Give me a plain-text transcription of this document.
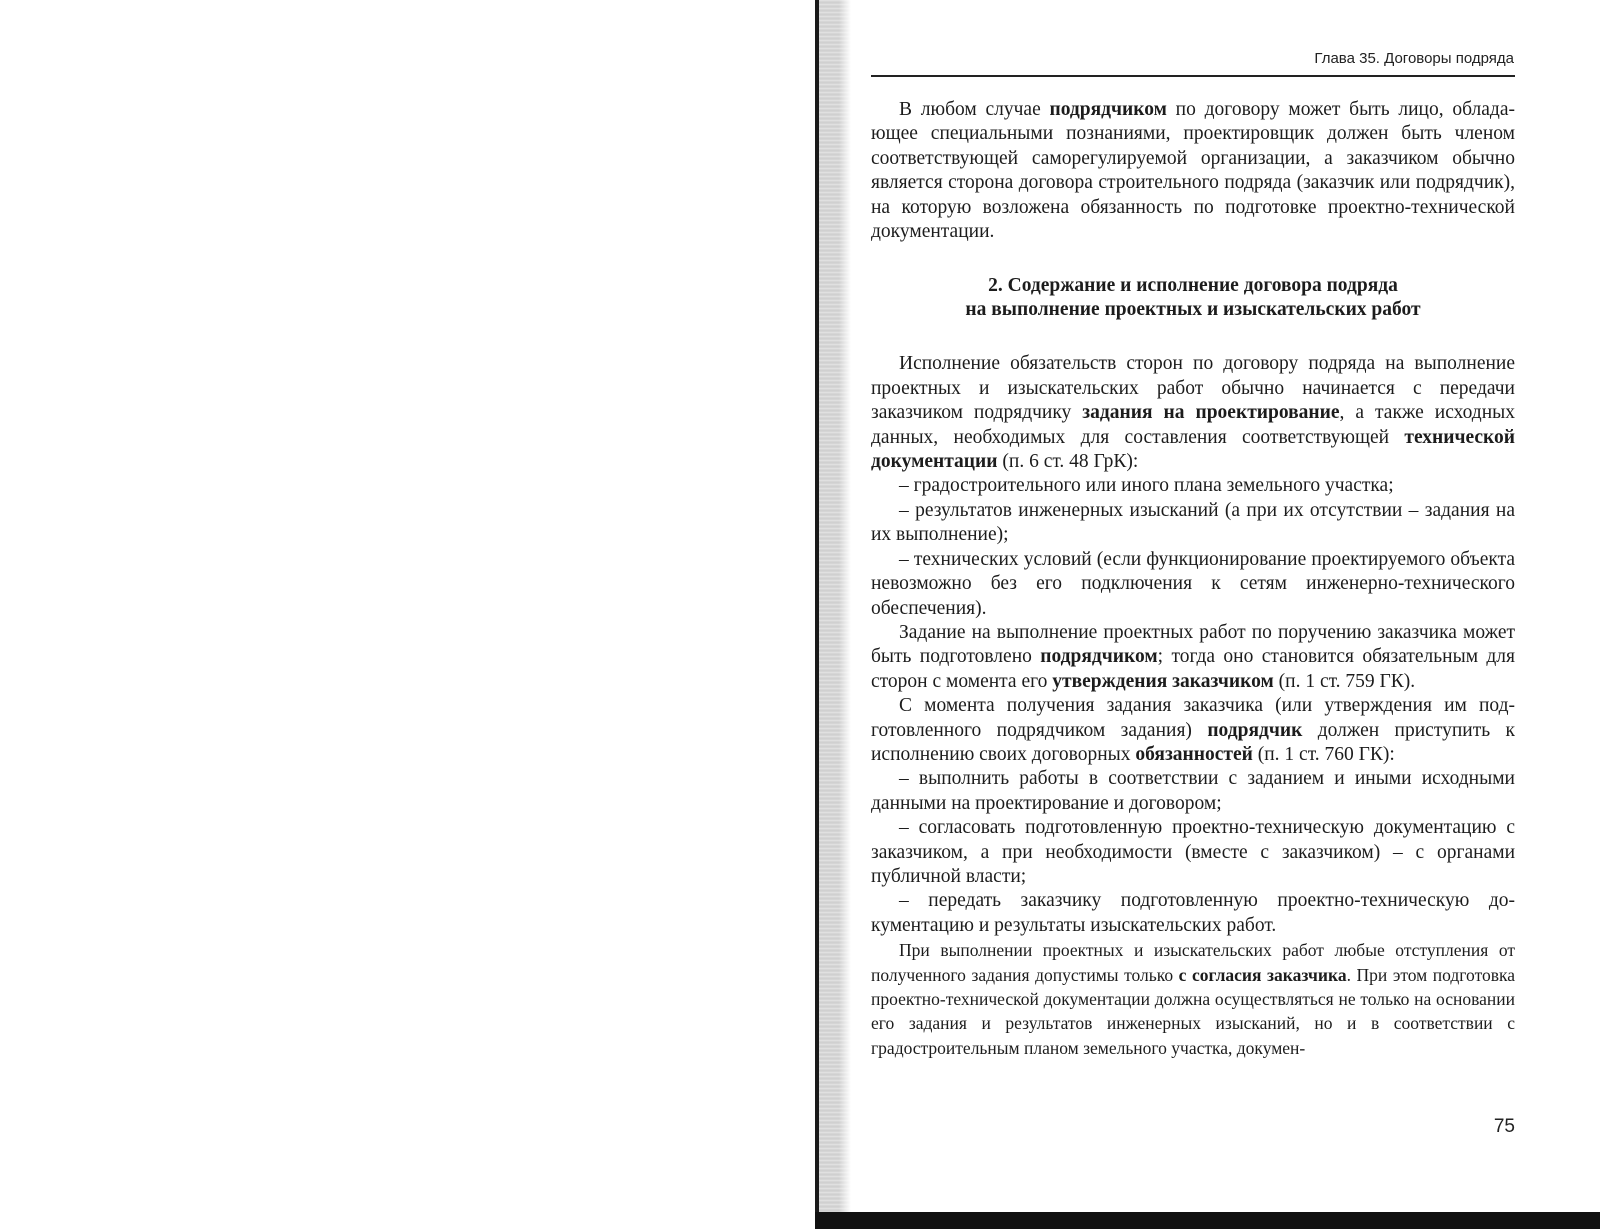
Глава 35. Договоры подряда

В любом случае подрядчиком по договору может быть лицо, обладающее специальными познаниями, проектировщик должен быть членом соответствующей саморегулируемой организации, а заказчиком обычно является сторона договора строительного подряда (заказчик или подрядчик), на которую возложена обязанность по подготовке проектно-технической документации.

2. Содержание и исполнение договора подряда
на выполнение проектных и изыскательских работ

Исполнение обязательств сторон по договору подряда на выполнение проектных и изыскательских работ обычно начинается с передачи заказчиком подрядчику задания на проектирование, а также исходных данных, необходимых для составления соответствующей технической документации (п. 6 ст. 48 ГрК):

– градостроительного или иного плана земельного участка;

– результатов инженерных изысканий (а при их отсутствии – задания на их выполнение);

– технических условий (если функционирование проектируемого объекта невозможно без его подключения к сетям инженерно-технического обеспечения).

Задание на выполнение проектных работ по поручению заказчика может быть подготовлено подрядчиком; тогда оно становится обязательным для сторон с момента его утверждения заказчиком (п. 1 ст. 759 ГК).

С момента получения задания заказчика (или утверждения им подготовленного подрядчиком задания) подрядчик должен приступить к исполнению своих договорных обязанностей (п. 1 ст. 760 ГК):

– выполнить работы в соответствии с заданием и иными исходными данными на проектирование и договором;

– согласовать подготовленную проектно-техническую документацию с заказчиком, а при необходимости (вместе с заказчиком) – с органами публичной власти;

– передать заказчику подготовленную проектно-техническую документацию и результаты изыскательских работ.

При выполнении проектных и изыскательских работ любые отступления от полученного задания допустимы только с согласия заказчика. При этом подготовка проектно-технической документации должна осуществляться не только на основании его задания и результатов инженерных изысканий, но и в соответствии с градостроительным планом земельного участка, докумен-

75
